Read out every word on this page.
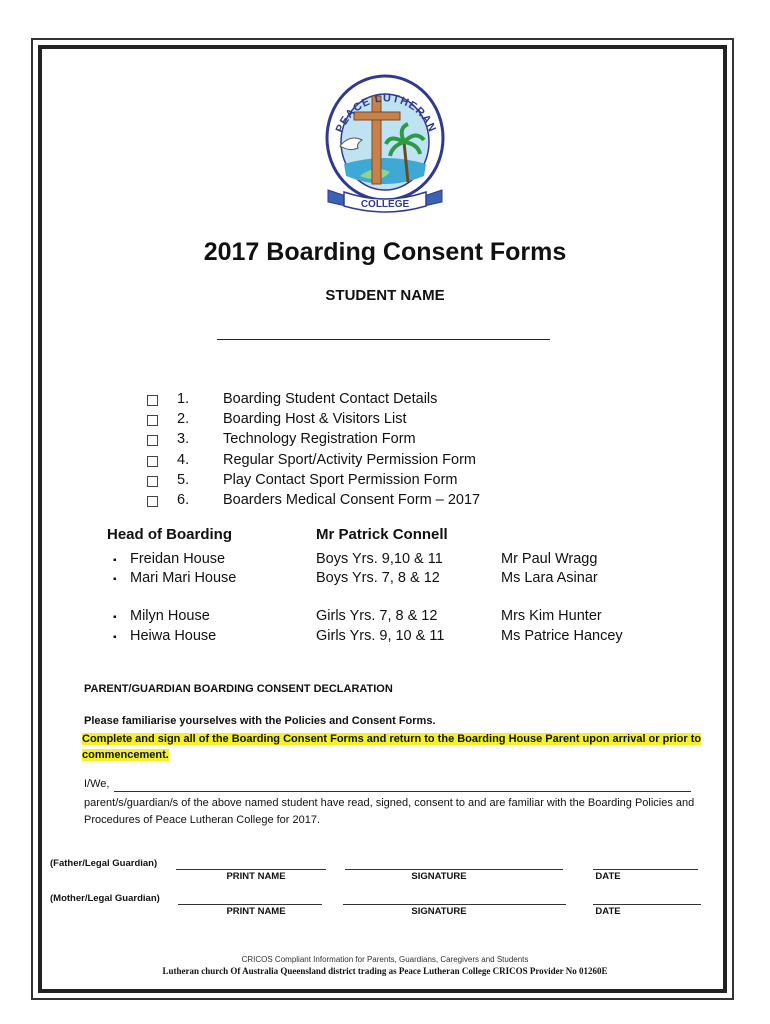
PEACE LUTHERAN
COLLEGE
2017 Boarding Consent Forms
STUDENT NAME
1. Boarding Student Contact Details
2. Boarding Host & Visitors List
3. Technology Registration Form
4. Regular Sport/Activity Permission Form
5. Play Contact Sport Permission Form
6. Boarders Medical Consent Form – 2017
Head of Boarding	Mr Patrick Connell
▪ Freidan House	Boys Yrs. 9,10 & 11	Mr Paul Wragg
▪ Mari Mari House	Boys Yrs. 7, 8 & 12	Ms Lara Asinar
▪ Milyn House	Girls Yrs. 7, 8 & 12	Mrs Kim Hunter
▪ Heiwa House	Girls Yrs. 9, 10 & 11	Ms Patrice Hancey
PARENT/GUARDIAN BOARDING CONSENT DECLARATION
Please familiarise yourselves with the Policies and Consent Forms.
Complete and sign all of the Boarding Consent Forms and return to the Boarding House Parent upon arrival or prior to commencement.
I/We,
parent/s/guardian/s of the above named student have read, signed, consent to and are familiar with the Boarding Policies and Procedures of Peace Lutheran College for 2017.
(Father/Legal Guardian)
PRINT NAME	SIGNATURE	DATE
(Mother/Legal Guardian)
PRINT NAME	SIGNATURE	DATE
CRICOS Compliant Information for Parents, Guardians, Caregivers and Students
Lutheran church Of Australia Queensland district trading as Peace Lutheran College CRICOS Provider No 01260E
